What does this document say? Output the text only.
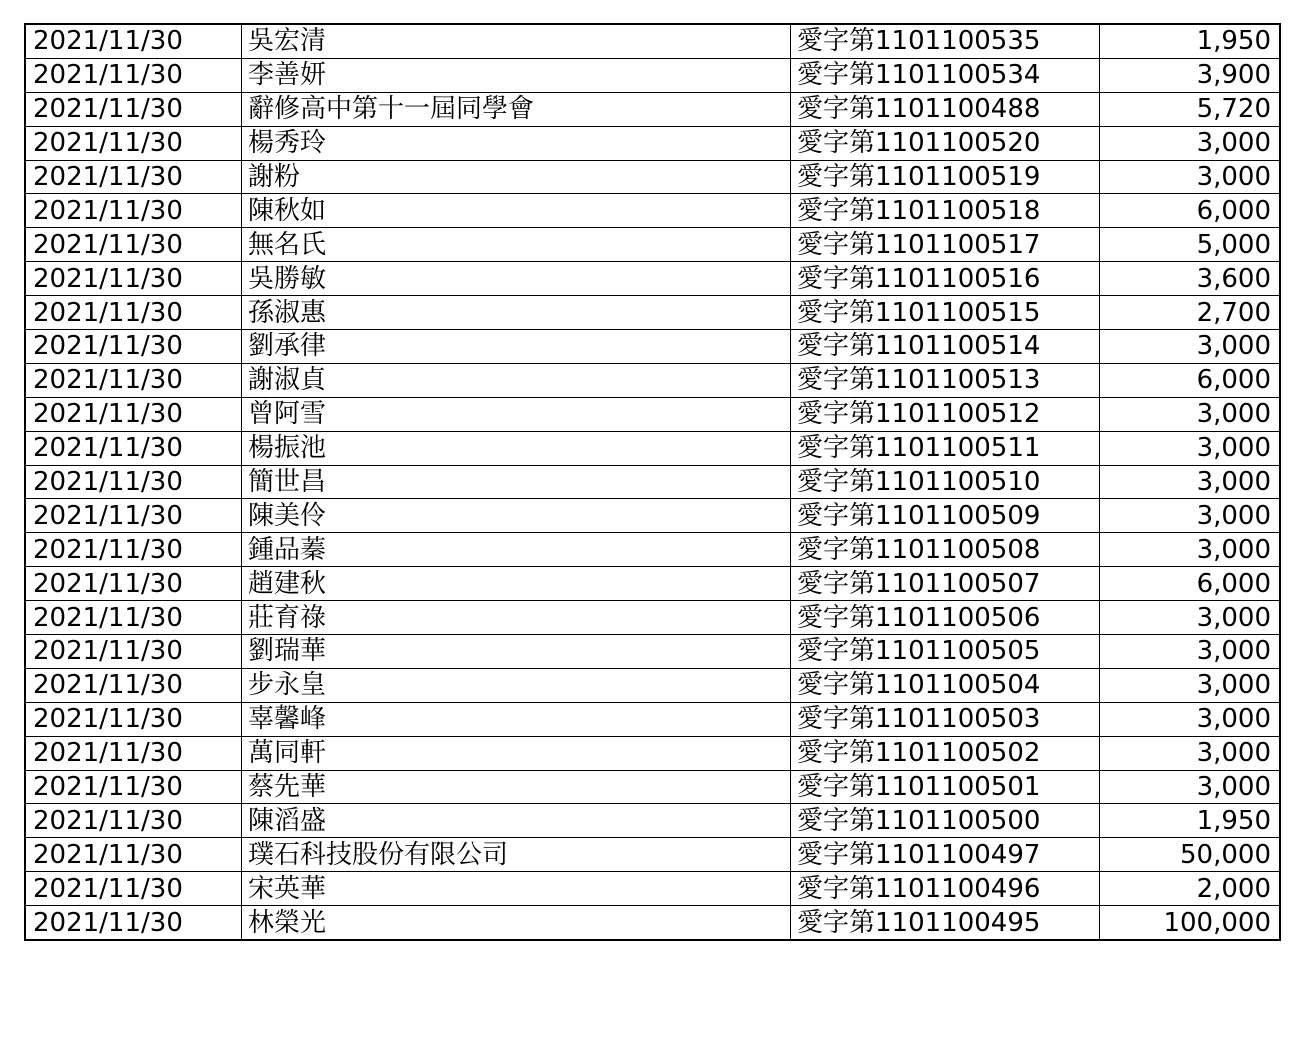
2021/11/30	吳宏清	愛字第1101100535	1,950
2021/11/30	李善妍	愛字第1101100534	3,900
2021/11/30	辭修高中第十一屆同學會	愛字第1101100488	5,720
2021/11/30	楊秀玲	愛字第1101100520	3,000
2021/11/30	謝粉	愛字第1101100519	3,000
2021/11/30	陳秋如	愛字第1101100518	6,000
2021/11/30	無名氏	愛字第1101100517	5,000
2021/11/30	吳勝敏	愛字第1101100516	3,600
2021/11/30	孫淑惠	愛字第1101100515	2,700
2021/11/30	劉承律	愛字第1101100514	3,000
2021/11/30	謝淑貞	愛字第1101100513	6,000
2021/11/30	曾阿雪	愛字第1101100512	3,000
2021/11/30	楊振池	愛字第1101100511	3,000
2021/11/30	簡世昌	愛字第1101100510	3,000
2021/11/30	陳美伶	愛字第1101100509	3,000
2021/11/30	鍾品蓁	愛字第1101100508	3,000
2021/11/30	趙建秋	愛字第1101100507	6,000
2021/11/30	莊育祿	愛字第1101100506	3,000
2021/11/30	劉瑞華	愛字第1101100505	3,000
2021/11/30	步永皇	愛字第1101100504	3,000
2021/11/30	辜馨峰	愛字第1101100503	3,000
2021/11/30	萬同軒	愛字第1101100502	3,000
2021/11/30	蔡先華	愛字第1101100501	3,000
2021/11/30	陳滔盛	愛字第1101100500	1,950
2021/11/30	璞石科技股份有限公司	愛字第1101100497	50,000
2021/11/30	宋英華	愛字第1101100496	2,000
2021/11/30	林榮光	愛字第1101100495	100,000
